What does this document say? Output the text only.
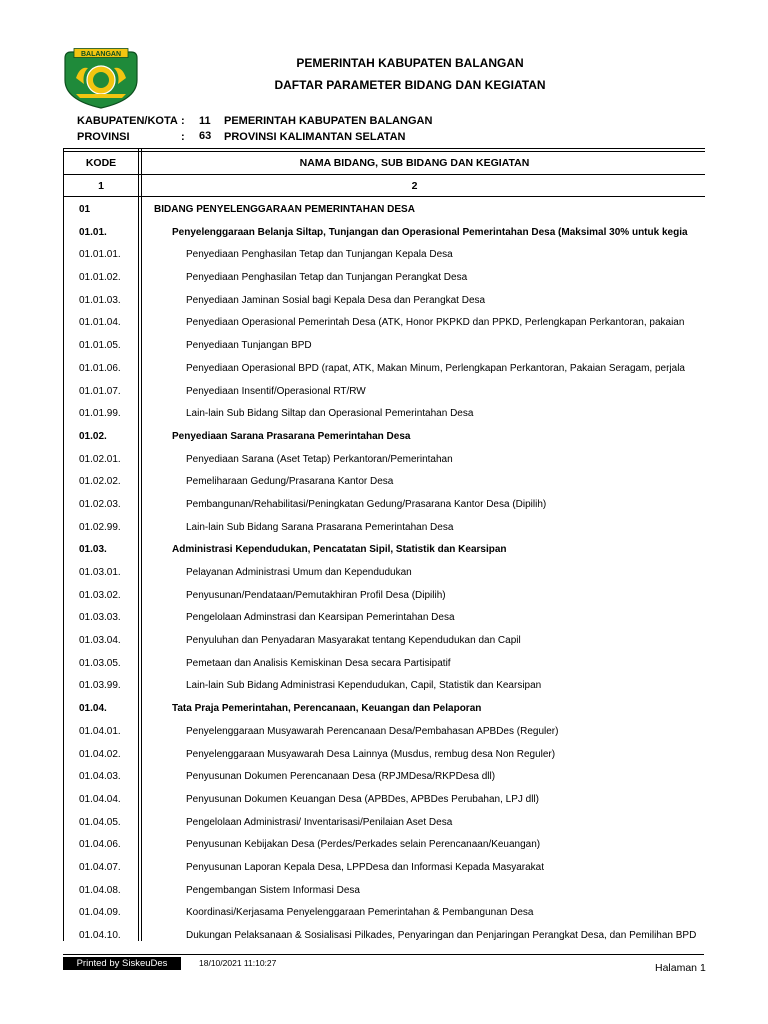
BALANGAN
PEMERINTAH KABUPATEN BALANGAN
DAFTAR PARAMETER BIDANG DAN KEGIATAN
KABUPATEN/KOTA : 11 PEMERINTAH KABUPATEN BALANGAN
PROVINSI	: 63 PROVINSI KALIMANTAN SELATAN
KODE	NAMA BIDANG, SUB BIDANG DAN KEGIATAN
1	2
01	BIDANG PENYELENGGARAAN PEMERINTAHAN DESA
01.01.	Penyelenggaraan Belanja Siltap, Tunjangan dan Operasional Pemerintahan Desa (Maksimal 30% untuk kegia
01.01.01.	Penyediaan Penghasilan Tetap dan Tunjangan Kepala Desa
01.01.02.	Penyediaan Penghasilan Tetap dan Tunjangan Perangkat Desa
01.01.03.	Penyediaan Jaminan Sosial bagi Kepala Desa dan Perangkat Desa
01.01.04.	Penyediaan Operasional Pemerintah Desa (ATK, Honor PKPKD dan PPKD, Perlengkapan Perkantoran, pakaian
01.01.05.	Penyediaan Tunjangan BPD
01.01.06.	Penyediaan Operasional BPD (rapat, ATK, Makan Minum, Perlengkapan Perkantoran, Pakaian Seragam, perjala
01.01.07.	Penyediaan Insentif/Operasional RT/RW
01.01.99.	Lain-lain Sub Bidang Siltap dan Operasional Pemerintahan Desa
01.02.	Penyediaan Sarana Prasarana Pemerintahan Desa
01.02.01.	Penyediaan Sarana (Aset Tetap) Perkantoran/Pemerintahan
01.02.02.	Pemeliharaan Gedung/Prasarana Kantor Desa
01.02.03.	Pembangunan/Rehabilitasi/Peningkatan Gedung/Prasarana Kantor Desa (Dipilih)
01.02.99.	Lain-lain Sub Bidang Sarana Prasarana Pemerintahan Desa
01.03.	Administrasi Kependudukan, Pencatatan Sipil, Statistik dan Kearsipan
01.03.01.	Pelayanan Administrasi Umum dan Kependudukan
01.03.02.	Penyusunan/Pendataan/Pemutakhiran Profil Desa (Dipilih)
01.03.03.	Pengelolaan Adminstrasi dan Kearsipan Pemerintahan Desa
01.03.04.	Penyuluhan dan Penyadaran Masyarakat tentang Kependudukan dan Capil
01.03.05.	Pemetaan dan Analisis Kemiskinan Desa secara Partisipatif
01.03.99.	Lain-lain Sub Bidang Administrasi Kependudukan, Capil, Statistik dan Kearsipan
01.04.	Tata Praja Pemerintahan, Perencanaan, Keuangan dan Pelaporan
01.04.01.	Penyelenggaraan Musyawarah Perencanaan Desa/Pembahasan APBDes (Reguler)
01.04.02.	Penyelenggaraan Musyawarah Desa Lainnya (Musdus, rembug desa Non Reguler)
01.04.03.	Penyusunan Dokumen Perencanaan Desa (RPJMDesa/RKPDesa dll)
01.04.04.	Penyusunan Dokumen Keuangan Desa (APBDes, APBDes Perubahan, LPJ dll)
01.04.05.	Pengelolaan Administrasi/ Inventarisasi/Penilaian Aset Desa
01.04.06.	Penyusunan Kebijakan Desa (Perdes/Perkades selain Perencanaan/Keuangan)
01.04.07.	Penyusunan Laporan Kepala Desa, LPPDesa dan Informasi Kepada Masyarakat
01.04.08.	Pengembangan Sistem Informasi Desa
01.04.09.	Koordinasi/Kerjasama Penyelenggaraan Pemerintahan & Pembangunan Desa
01.04.10.	Dukungan Pelaksanaan & Sosialisasi Pilkades, Penyaringan dan Penjaringan Perangkat Desa, dan Pemilihan BPD
Printed by SiskeuDes	18/10/2021 11:10:27	Halaman 1
